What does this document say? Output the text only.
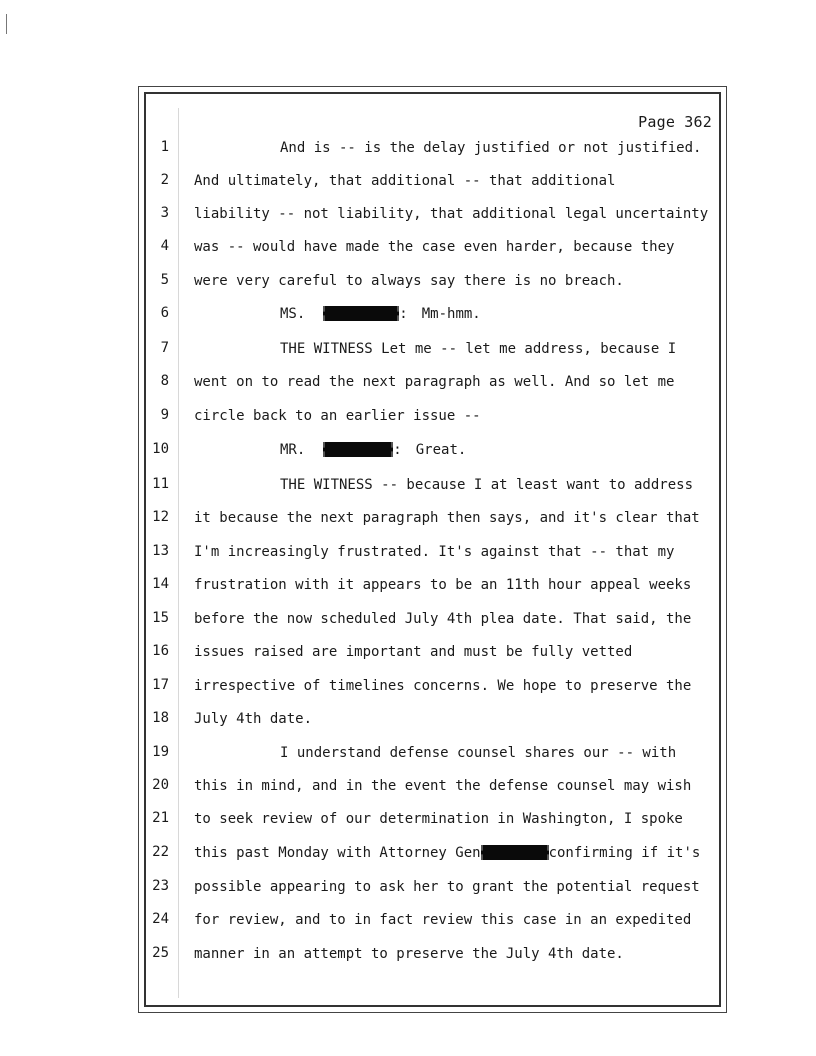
Page 362
1	And is -- is the delay justified or not justified.
2 And ultimately, that additional -- that additional
3 liability -- not liability, that additional legal uncertainty
4 was -- would have made the case even harder, because they
5 were very careful to always say there is no breach.
6	MS.	: Mm-hmm.
7	THE WITNESS Let me -- let me address, because I
8 went on to read the next paragraph as well. And so let me
9 circle back to an earlier issue --
10	MR.	: Great.
11	THE WITNESS -- because I at least want to address
12 it because the next paragraph then says, and it's clear that
13 I'm increasingly frustrated. It's against that -- that my
14 frustration with it appears to be an 11th hour appeal weeks
15 before the now scheduled July 4th plea date. That said, the
16 issues raised are important and must be fully vetted
17 irrespective of timelines concerns. We hope to preserve the
18 July 4th date.
19	I understand defense counsel shares our -- with
20 this in mind, and in the event the defense counsel may wish
21 to seek review of our determination in Washington, I spoke
22 this past Monday with Attorney Gen	confirming if it's
23 possible appearing to ask her to grant the potential request
24 for review, and to in fact review this case in an expedited
25 manner in an attempt to preserve the July 4th date.
